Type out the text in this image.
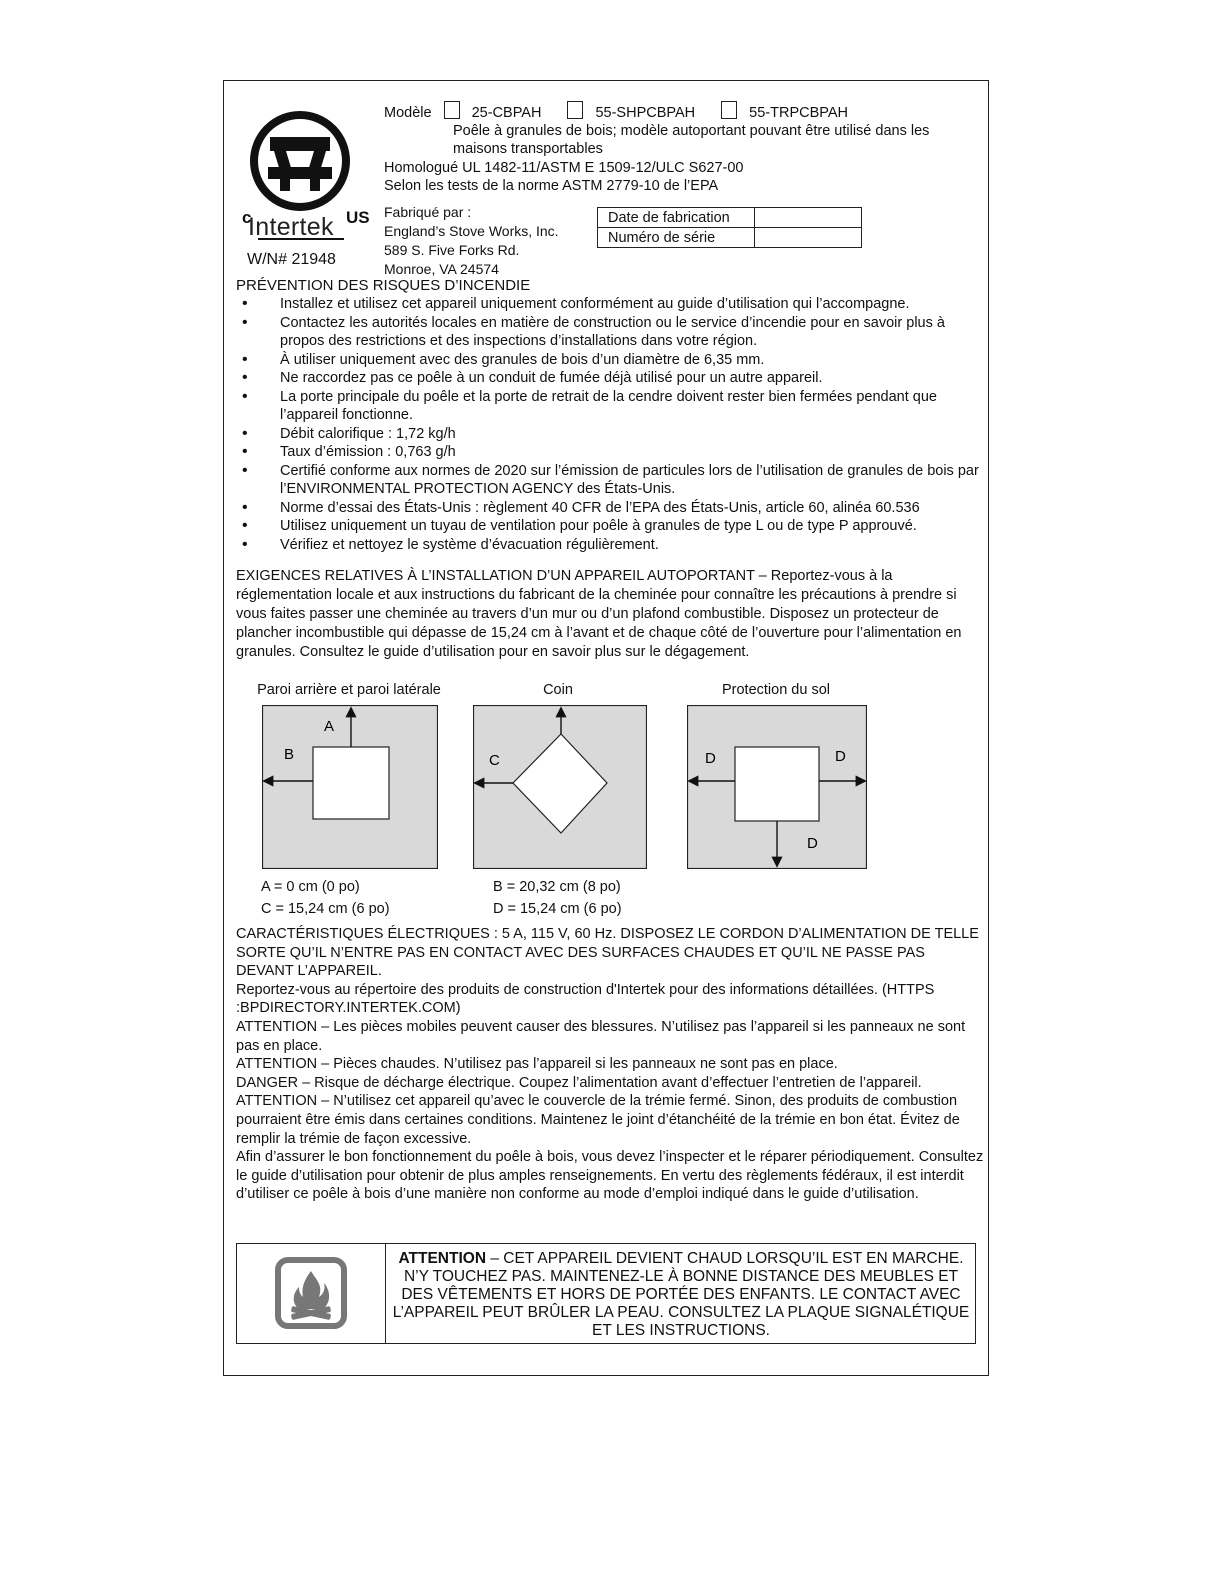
c	US
Intertek
W/N# 21948
Modèle	25-CBPAH	55-SHPCBPAH	55-TRPCBPAH
Poêle à granules de bois; modèle autoportant pouvant être utilisé dans les
maisons transportables
Homologué UL 1482-11/ASTM E 1509-12/ULC S627-00
Selon les tests de la norme ASTM 2779-10 de l’EPA
Fabriqué par :
England’s Stove Works, Inc.
589 S. Five Forks Rd.
Monroe, VA 24574
Date de fabrication	
Numéro de série	
PRÉVENTION DES RISQUES D’INCENDIE
• Installez et utilisez cet appareil uniquement conformément au guide d’utilisation qui l’accompagne.
• Contactez les autorités locales en matière de construction ou le service d’incendie pour en savoir plus à propos des restrictions et des inspections d’installations dans votre région.
• À utiliser uniquement avec des granules de bois d’un diamètre de 6,35 mm.
• Ne raccordez pas ce poêle à un conduit de fumée déjà utilisé pour un autre appareil.
• La porte principale du poêle et la porte de retrait de la cendre doivent rester bien fermées pendant que l’appareil fonctionne.
• Débit calorifique : 1,72 kg/h
• Taux d’émission : 0,763 g/h
• Certifié conforme aux normes de 2020 sur l’émission de particules lors de l’utilisation de granules de bois par l’ENVIRONMENTAL PROTECTION AGENCY des États-Unis.
• Norme d’essai des États-Unis : règlement 40 CFR de l’EPA des États-Unis, article 60, alinéa 60.536
• Utilisez uniquement un tuyau de ventilation pour poêle à granules de type L ou de type P approuvé.
• Vérifiez et nettoyez le système d’évacuation régulièrement.
EXIGENCES RELATIVES À L’INSTALLATION D’UN APPAREIL AUTOPORTANT – Reportez-vous à la réglementation locale et aux instructions du fabricant de la cheminée pour connaître les précautions à prendre si vous faites passer une cheminée au travers d’un mur ou d’un plafond combustible. Disposez un protecteur de plancher incombustible qui dépasse de 15,24 cm à l’avant et de chaque côté de l’ouverture pour l’alimentation en granules. Consultez le guide d’utilisation pour en savoir plus sur le dégagement.
Paroi arrière et paroi latérale	Coin	Protection du sol
A
B	C	D	D
D
A = 0 cm (0 po)	B = 20,32 cm (8 po)
C = 15,24 cm (6 po)	D = 15,24 cm (6 po)

CARACTÉRISTIQUES ÉLECTRIQUES : 5 A, 115 V, 60 Hz. DISPOSEZ LE CORDON D’ALIMENTATION DE TELLE SORTE QU’IL N’ENTRE PAS EN CONTACT AVEC DES SURFACES CHAUDES ET QU’IL NE PASSE PAS DEVANT L’APPAREIL.

Reportez-vous au répertoire des produits de construction d'Intertek pour des informations détaillées. (HTTPS :BPDIRECTORY.INTERTEK.COM)

ATTENTION – Les pièces mobiles peuvent causer des blessures. N’utilisez pas l’appareil si les panneaux ne sont pas en place.

ATTENTION – Pièces chaudes. N’utilisez pas l’appareil si les panneaux ne sont pas en place.

DANGER – Risque de décharge électrique. Coupez l’alimentation avant d’effectuer l’entretien de l’appareil.

ATTENTION – N’utilisez cet appareil qu’avec le couvercle de la trémie fermé. Sinon, des produits de combustion pourraient être émis dans certaines conditions. Maintenez le joint d’étanchéité de la trémie en bon état. Évitez de remplir la trémie de façon excessive.

Afin d’assurer le bon fonctionnement du poêle à bois, vous devez l’inspecter et le réparer périodiquement. Consultez le guide d’utilisation pour obtenir de plus amples renseignements. En vertu des règlements fédéraux, il est interdit d’utiliser ce poêle à bois d’une manière non conforme au mode d’emploi indiqué dans le guide d’utilisation.

ATTENTION – CET APPAREIL DEVIENT CHAUD LORSQU’IL EST EN MARCHE. N’Y TOUCHEZ PAS. MAINTENEZ-LE À BONNE DISTANCE DES MEUBLES ET DES VÊTEMENTS ET HORS DE PORTÉE DES ENFANTS. LE CONTACT AVEC L’APPAREIL PEUT BRÛLER LA PEAU. CONSULTEZ LA PLAQUE SIGNALÉTIQUE ET LES INSTRUCTIONS.
